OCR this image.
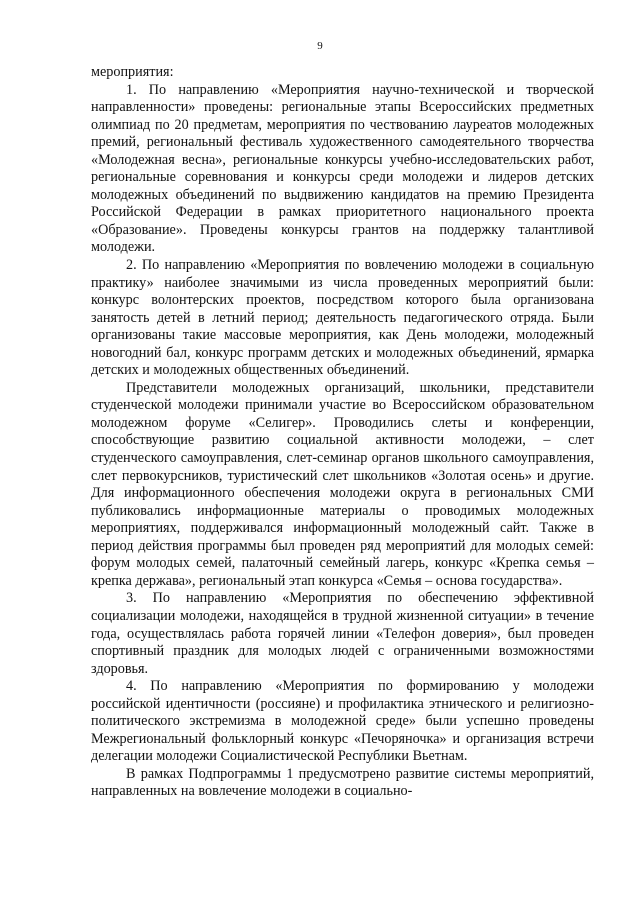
9

мероприятия:

1. По направлению «Мероприятия научно-технической и творческой направленности» проведены: региональные этапы Всероссийских предметных олимпиад по 20 предметам, мероприятия по чествованию лауреатов молодежных премий, региональный фестиваль художественного самодеятельного творчества «Молодежная весна», региональные конкурсы учебно-исследовательских работ, региональные соревнования и конкурсы среди молодежи и лидеров детских молодежных объединений по выдвижению кандидатов на премию Президента Российской Федерации в рамках приоритетного национального проекта «Образование». Проведены конкурсы грантов на поддержку талантливой молодежи.

2. По направлению «Мероприятия по вовлечению молодежи в социальную практику» наиболее значимыми из числа проведенных мероприятий были: конкурс волонтерских проектов, посредством которого была организована занятость детей в летний период; деятельность педагогического отряда. Были организованы такие массовые мероприятия, как День молодежи, молодежный новогодний бал, конкурс программ детских и молодежных объединений, ярмарка детских и молодежных общественных объединений.

Представители молодежных организаций, школьники, представители студенческой молодежи принимали участие во Всероссийском образовательном молодежном форуме «Селигер». Проводились слеты и конференции, способствующие развитию социальной активности молодежи, – слет студенческого самоуправления, слет-семинар органов школьного самоуправления, слет первокурсников, туристический слет школьников «Золотая осень» и другие. Для информационного обеспечения молодежи округа в региональных СМИ публиковались информационные материалы о проводимых молодежных мероприятиях, поддерживался информационный молодежный сайт. Также в период действия программы был проведен ряд мероприятий для молодых семей: форум молодых семей, палаточный семейный лагерь, конкурс «Крепка семья – крепка держава», региональный этап конкурса «Семья – основа государства».

3. По направлению «Мероприятия по обеспечению эффективной социализации молодежи, находящейся в трудной жизненной ситуации» в течение года, осуществлялась работа горячей линии «Телефон доверия», был проведен спортивный праздник для молодых людей с ограниченными возможностями здоровья.

4. По направлению «Мероприятия по формированию у молодежи российской идентичности (россияне) и профилактика этнического и религиозно-политического экстремизма в молодежной среде» были успешно проведены Межрегиональный фольклорный конкурс «Печоряночка» и организация встречи делегации молодежи Социалистической Республики Вьетнам.

В рамках Подпрограммы 1 предусмотрено развитие системы мероприятий, направленных на вовлечение молодежи в социально-
